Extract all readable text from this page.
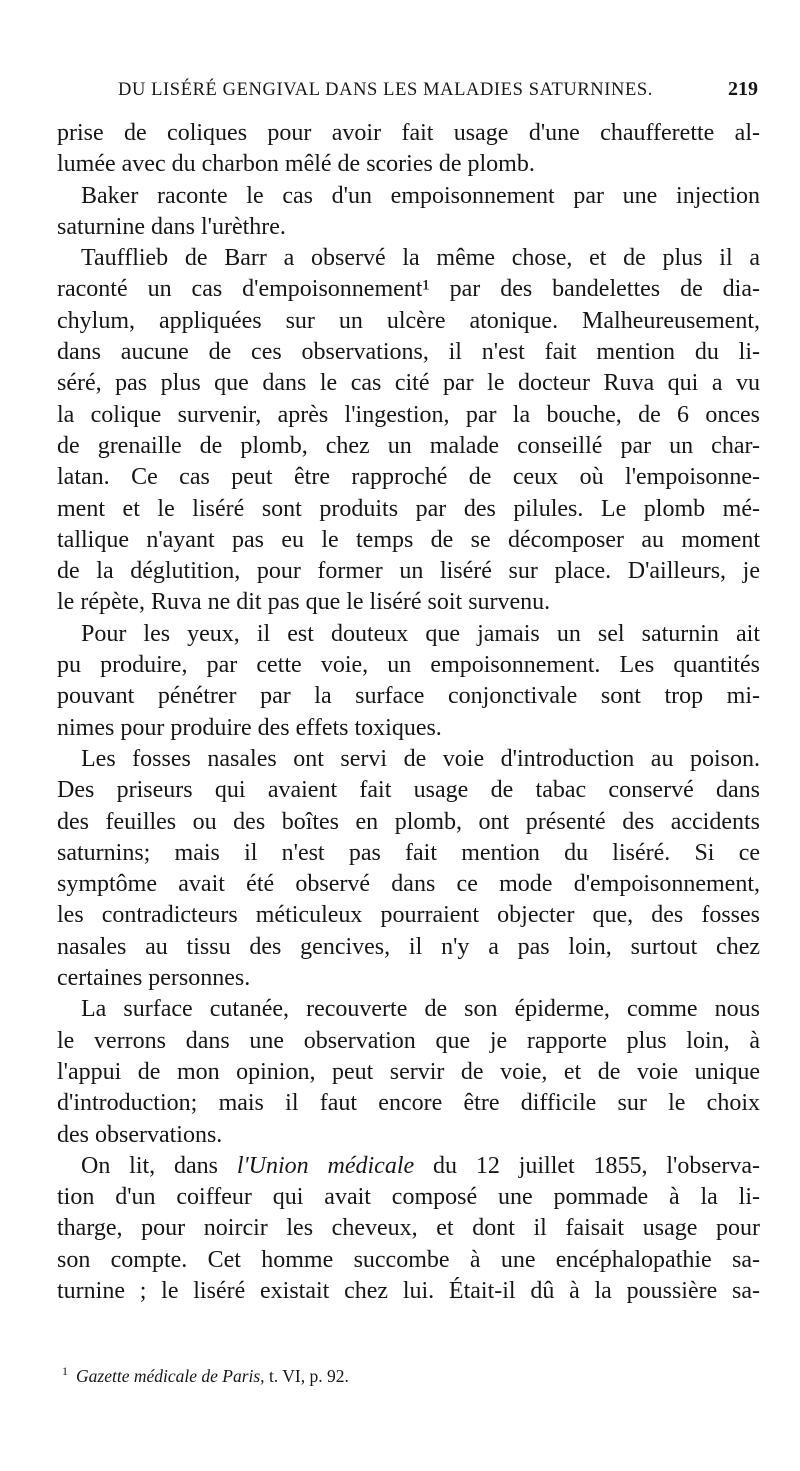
DU LISÉRÉ GENGIVAL DANS LES MALADIES SATURNINES.	219
prise de coliques pour avoir fait usage d'une chaufferette al-
lumée avec du charbon mêlé de scories de plomb.
Baker raconte le cas d'un empoisonnement par une injection
saturnine dans l'urèthre.
Taufflieb de Barr a observé la même chose, et de plus il a
raconté un cas d'empoisonnement¹ par des bandelettes de dia-
chylum, appliquées sur un ulcère atonique. Malheureusement,
dans aucune de ces observations, il n'est fait mention du li-
séré, pas plus que dans le cas cité par le docteur Ruva qui a vu
la colique survenir, après l'ingestion, par la bouche, de 6 onces
de grenaille de plomb, chez un malade conseillé par un char-
latan. Ce cas peut être rapproché de ceux où l'empoisonne-
ment et le liséré sont produits par des pilules. Le plomb mé-
tallique n'ayant pas eu le temps de se décomposer au moment
de la déglutition, pour former un liséré sur place. D'ailleurs, je
le répète, Ruva ne dit pas que le liséré soit survenu.
Pour les yeux, il est douteux que jamais un sel saturnin ait
pu produire, par cette voie, un empoisonnement. Les quantités
pouvant pénétrer par la surface conjonctivale sont trop mi-
nimes pour produire des effets toxiques.
Les fosses nasales ont servi de voie d'introduction au poison.
Des priseurs qui avaient fait usage de tabac conservé dans
des feuilles ou des boîtes en plomb, ont présenté des accidents
saturnins; mais il n'est pas fait mention du liséré. Si ce
symptôme avait été observé dans ce mode d'empoisonnement,
les contradicteurs méticuleux pourraient objecter que, des fosses
nasales au tissu des gencives, il n'y a pas loin, surtout chez
certaines personnes.
La surface cutanée, recouverte de son épiderme, comme nous
le verrons dans une observation que je rapporte plus loin, à
l'appui de mon opinion, peut servir de voie, et de voie unique
d'introduction; mais il faut encore être difficile sur le choix
des observations.
On lit, dans l'Union médicale du 12 juillet 1855, l'observa-
tion d'un coiffeur qui avait composé une pommade à la li-
tharge, pour noircir les cheveux, et dont il faisait usage pour
son compte. Cet homme succombe à une encéphalopathie sa-
turnine ; le liséré existait chez lui. Était-il dû à la poussière sa-
$^1$ Gazette médicale de Paris, t. VI, p. 92.
